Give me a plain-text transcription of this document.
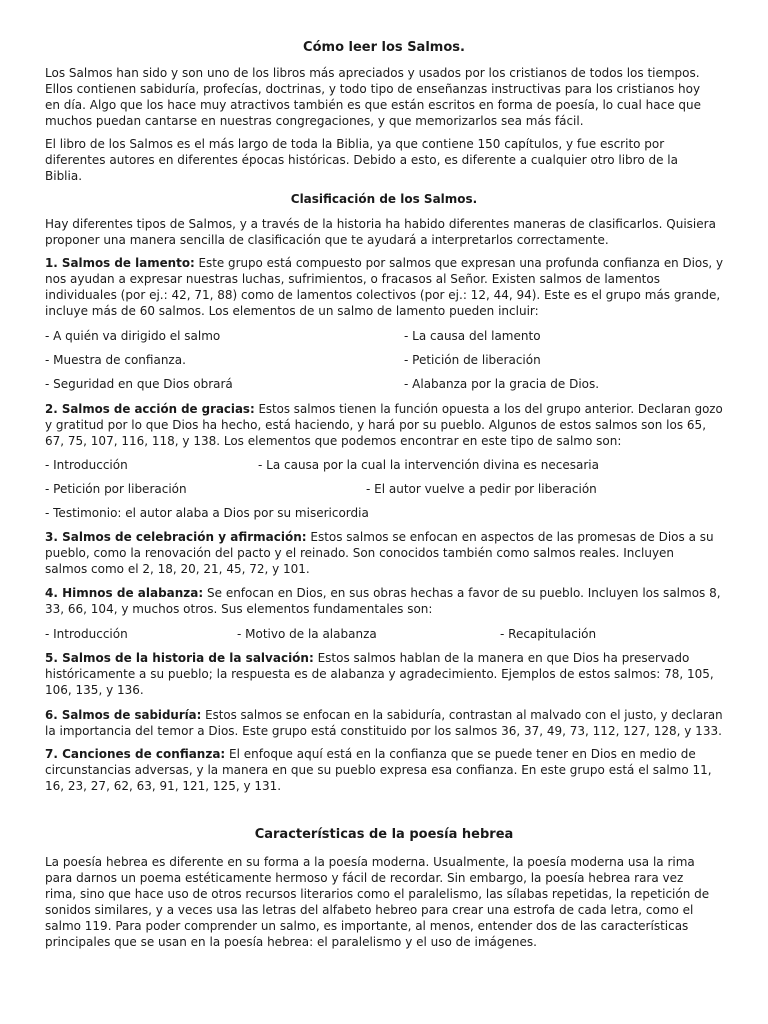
Cómo leer los Salmos.
Los Salmos han sido y son uno de los libros más apreciados y usados por los cristianos de todos los tiempos.
Ellos contienen sabiduría, profecías, doctrinas, y todo tipo de enseñanzas instructivas para los cristianos hoy
en día. Algo que los hace muy atractivos también es que están escritos en forma de poesía, lo cual hace que
muchos puedan cantarse en nuestras congregaciones, y que memorizarlos sea más fácil.
El libro de los Salmos es el más largo de toda la Biblia, ya que contiene 150 capítulos, y fue escrito por
diferentes autores en diferentes épocas históricas. Debido a esto, es diferente a cualquier otro libro de la
Biblia.
Clasificación de los Salmos.
Hay diferentes tipos de Salmos, y a través de la historia ha habido diferentes maneras de clasificarlos. Quisiera
proponer una manera sencilla de clasificación que te ayudará a interpretarlos correctamente.
1. Salmos de lamento: Este grupo está compuesto por salmos que expresan una profunda confianza en Dios, y
nos ayudan a expresar nuestras luchas, sufrimientos, o fracasos al Señor. Existen salmos de lamentos
individuales (por ej.: 42, 71, 88) como de lamentos colectivos (por ej.: 12, 44, 94). Este es el grupo más grande,
incluye más de 60 salmos. Los elementos de un salmo de lamento pueden incluir:
- A quién va dirigido el salmo	- La causa del lamento
- Muestra de confianza.	- Petición de liberación
- Seguridad en que Dios obrará	- Alabanza por la gracia de Dios.
2. Salmos de acción de gracias: Estos salmos tienen la función opuesta a los del grupo anterior. Declaran gozo
y gratitud por lo que Dios ha hecho, está haciendo, y hará por su pueblo. Algunos de estos salmos son los 65,
67, 75, 107, 116, 118, y 138. Los elementos que podemos encontrar en este tipo de salmo son:
- Introducción	- La causa por la cual la intervención divina es necesaria
- Petición por liberación	- El autor vuelve a pedir por liberación
- Testimonio: el autor alaba a Dios por su misericordia
3. Salmos de celebración y afirmación: Estos salmos se enfocan en aspectos de las promesas de Dios a su
pueblo, como la renovación del pacto y el reinado. Son conocidos también como salmos reales. Incluyen
salmos como el 2, 18, 20, 21, 45, 72, y 101.
4. Himnos de alabanza: Se enfocan en Dios, en sus obras hechas a favor de su pueblo. Incluyen los salmos 8,
33, 66, 104, y muchos otros. Sus elementos fundamentales son:
- Introducción	- Motivo de la alabanza	- Recapitulación
5. Salmos de la historia de la salvación: Estos salmos hablan de la manera en que Dios ha preservado
históricamente a su pueblo; la respuesta es de alabanza y agradecimiento. Ejemplos de estos salmos: 78, 105,
106, 135, y 136.
6. Salmos de sabiduría: Estos salmos se enfocan en la sabiduría, contrastan al malvado con el justo, y declaran
la importancia del temor a Dios. Este grupo está constituido por los salmos 36, 37, 49, 73, 112, 127, 128, y 133.
7. Canciones de confianza: El enfoque aquí está en la confianza que se puede tener en Dios en medio de
circunstancias adversas, y la manera en que su pueblo expresa esa confianza. En este grupo está el salmo 11,
16, 23, 27, 62, 63, 91, 121, 125, y 131.
Características de la poesía hebrea
La poesía hebrea es diferente en su forma a la poesía moderna. Usualmente, la poesía moderna usa la rima
para darnos un poema estéticamente hermoso y fácil de recordar. Sin embargo, la poesía hebrea rara vez
rima, sino que hace uso de otros recursos literarios como el paralelismo, las sílabas repetidas, la repetición de
sonidos similares, y a veces usa las letras del alfabeto hebreo para crear una estrofa de cada letra, como el
salmo 119. Para poder comprender un salmo, es importante, al menos, entender dos de las características
principales que se usan en la poesía hebrea: el paralelismo y el uso de imágenes.
